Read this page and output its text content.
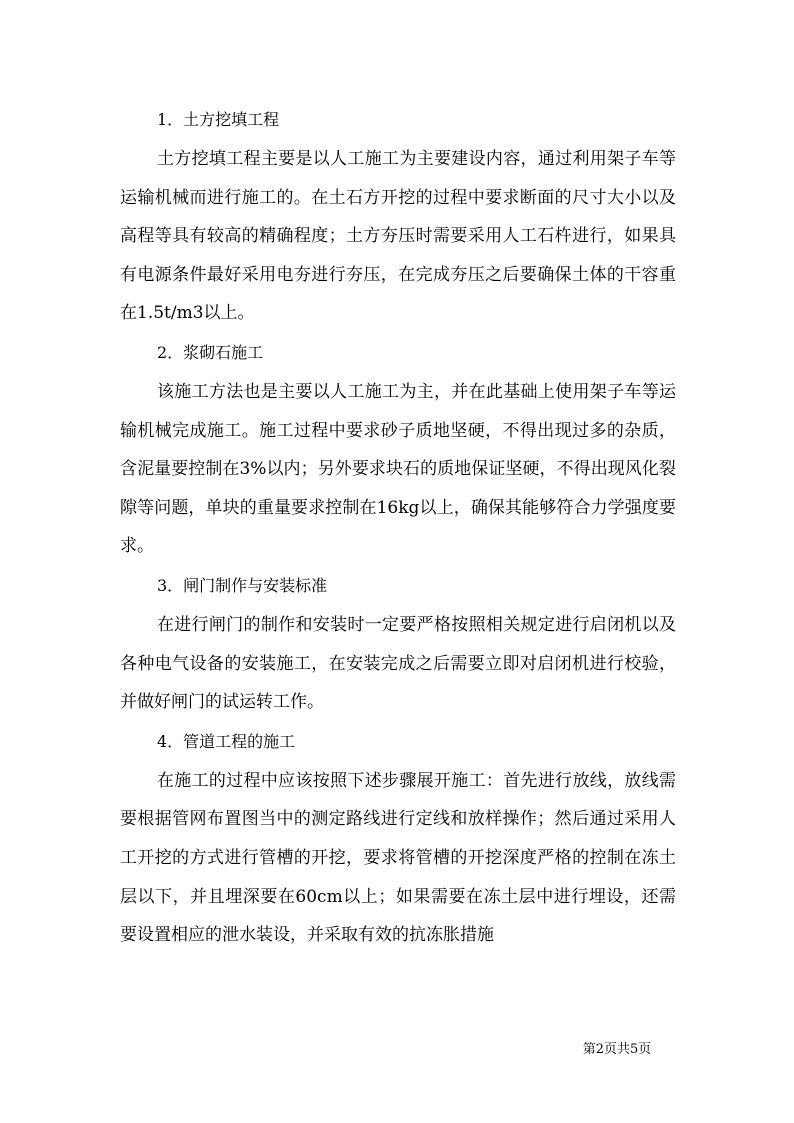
1．土方挖填工程

土方挖填工程主要是以人工施工为主要建设内容，通过利用架子车等运输机械而进行施工的。在土石方开挖的过程中要求断面的尺寸大小以及高程等具有较高的精确程度；土方夯压时需要采用人工石杵进行，如果具有电源条件最好采用电夯进行夯压，在完成夯压之后要确保土体的干容重在1.5t/m3以上。

2．浆砌石施工

该施工方法也是主要以人工施工为主，并在此基础上使用架子车等运输机械完成施工。施工过程中要求砂子质地坚硬，不得出现过多的杂质，含泥量要控制在3%以内；另外要求块石的质地保证坚硬，不得出现风化裂隙等问题，单块的重量要求控制在16kg以上，确保其能够符合力学强度要求。

3．闸门制作与安装标准

在进行闸门的制作和安装时一定要严格按照相关规定进行启闭机以及各种电气设备的安装施工，在安装完成之后需要立即对启闭机进行校验，并做好闸门的试运转工作。

4．管道工程的施工

在施工的过程中应该按照下述步骤展开施工：首先进行放线，放线需要根据管网布置图当中的测定路线进行定线和放样操作；然后通过采用人工开挖的方式进行管槽的开挖，要求将管槽的开挖深度严格的控制在冻土层以下，并且埋深要在60cm以上；如果需要在冻土层中进行埋设，还需要设置相应的泄水装设，并采取有效的抗冻胀措施

第2页共5页
